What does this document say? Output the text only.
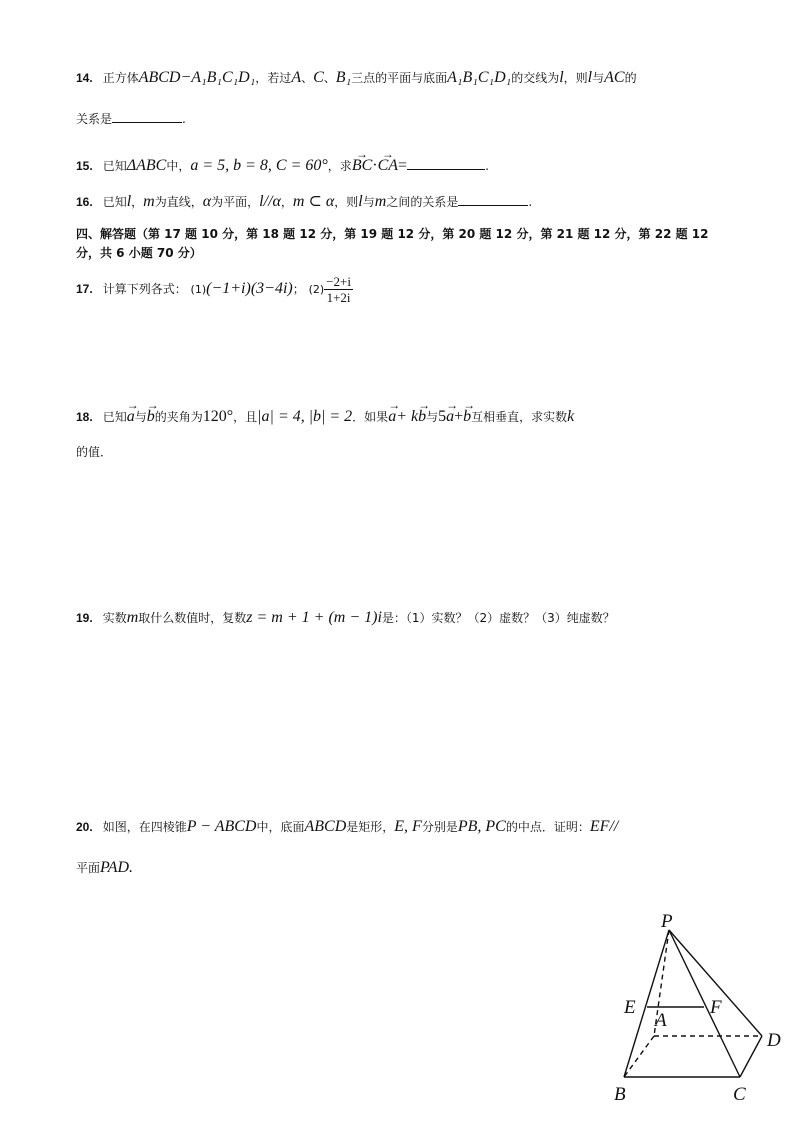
14. 正方体ABCD−A₁B₁C₁D₁，若过A、C、B₁三点的平面与底面A₁B₁C₁D₁的交线为l，则l与AC的
关系是	.
15. 已知ΔABC中，a = 5, b = 8, C = 60°，求→ BC·→ CA=	.
16. 已知l，m为直线，α为平面，l//α，m ⊂ α，则l与m之间的关系是	.
四、解答题（第 17 题 10 分，第 18 题 12 分，第 19 题 12 分，第 20 题 12 分，第 21 题 12 分，第 22 题 12
分，共 6 小题 70 分）
17. 计算下列各式： (1)(−1+i)(3−4i)； $(2) \frac{-2+i}{1+2i}$
18. 已知→ a与→ b的夹角为120°，且|a| = 4, |b| = 2．如果→ a+ k→ b与5→ a+→ b互相垂直，求实数k
的值．
19. 实数m取什么数值时，复数z = m + 1 + (m − 1)i是：（1）实数？（2）虚数？（3）纯虚数？
20. 如图，在四棱锥P − ABCD中，底面ABCD是矩形，E, F分别是PB, PC的中点．证明：EF//
平面PAD.
P
E
A
F
D
B	C
